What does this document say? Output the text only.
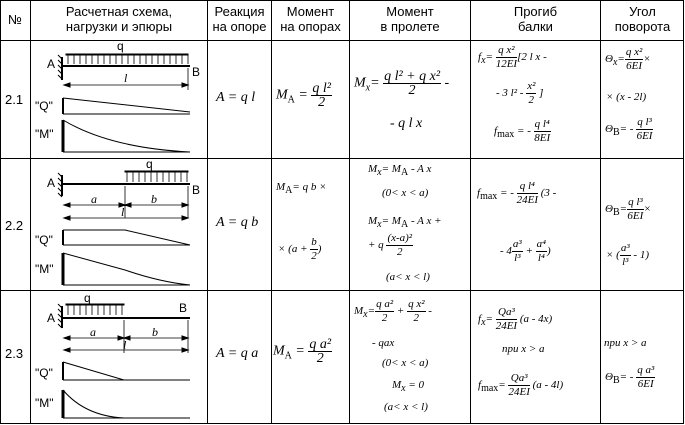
№
Расчетная схема,
нагрузки и эпюры
Реакция
на опоре
Момент
на опорах
Момент
в пролете
Прогиб
балки
Угол
поворота
2.1
2.2
2.3
A
q
B
l
"Q"
"M"
A
q
B
a	b
l
"Q"
"M"
A
q
B
a	b
l
"Q"
"M"
A = q l $M_A = \frac{\text{q l²}}{2} M_x= \frac{\text{q l² + q x²}}{2}$ -
- q l x
$fx= \frac{\text{q x²}}{12EI} [2$ l x -
- 3 $l^2 - \frac{\text{x²}}{2}$ ]
fmax = - $\frac{\text{q l⁴}}{8EI}$
$\Theta x= \frac{\text{q x²}}{6EI}$ ×
× (x - 2l)
$\Theta B= - \frac{\text{q l³}}{6EI}$
A = q b
MA= q b ×
× ($a + \frac{b}{2}$ )
Mx= MA - A x
(0< x < a)
Mx= MA - A x +
+ q $\frac{\text{(x-a)²}}{2}$
(a< x < l)
fmax = - $\frac{\text{q l⁴}}{24EI} (3$ -
- $4 \frac{\text{a³}}{\text{l³}} + \frac{\text{a⁴}}{\text{l⁴}}$ )
$\Theta B= \frac{\text{q l³}}{6EI}$ ×
× ( $\frac{\text{a³}}{\text{l³}} - 1$)
A = q a $M_A = \frac{\text{q a²}}{2}$
$Mx= \frac{\text{q a²}}{2} + \frac{\text{q x²}}{2}$ -
- qax
(0< x < a)
Mx = 0
(a< x < l)
$fx= \frac{\text{Qa³}}{24EI} (a - 4x)$
при x > a
$fmax= \frac{\text{Qa³}}{24EI} (a - 4l)$
при x > a
$\Theta B= - \frac{\text{q a³}}{6EI}$
